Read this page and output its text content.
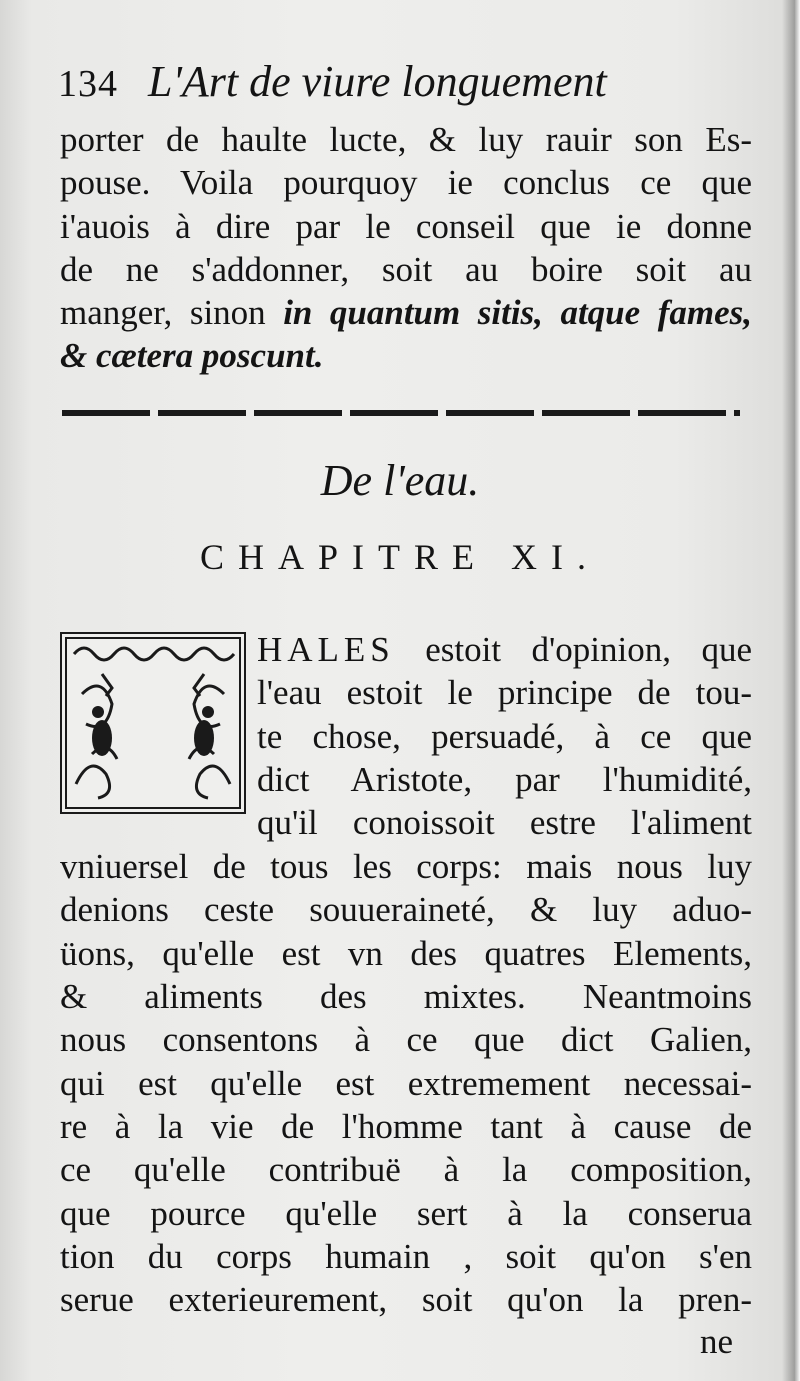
134 L'Art de viure longuement
porter de haulte lucte, & luy rauir son Es-
pouse. Voila pourquoy ie conclus ce que
i'auois à dire par le conseil que ie donne
de ne s'addonner, soit au boire soit au
manger, sinon in quantum sitis, atque fames,
& cætera poscunt.
De l'eau.
CHAPITRE XI.
HALES estoit d'opinion, que
l'eau estoit le principe de tou-
te chose, persuadé, à ce que
dict Aristote, par l'humidité,
qu'il conoissoit estre l'aliment
vniuersel de tous les corps: mais nous luy
denions ceste souueraineté, & luy aduo-
üons, qu'elle est vn des quatres Elements,
& aliments des mixtes. Neantmoins
nous consentons à ce que dict Galien,
qui est qu'elle est extremement necessai-
re à la vie de l'homme tant à cause de
ce qu'elle contribuë à la composition,
que pource qu'elle sert à la conserua
tion du corps humain , soit qu'on s'en
serue exterieurement, soit qu'on la pren-
ne
